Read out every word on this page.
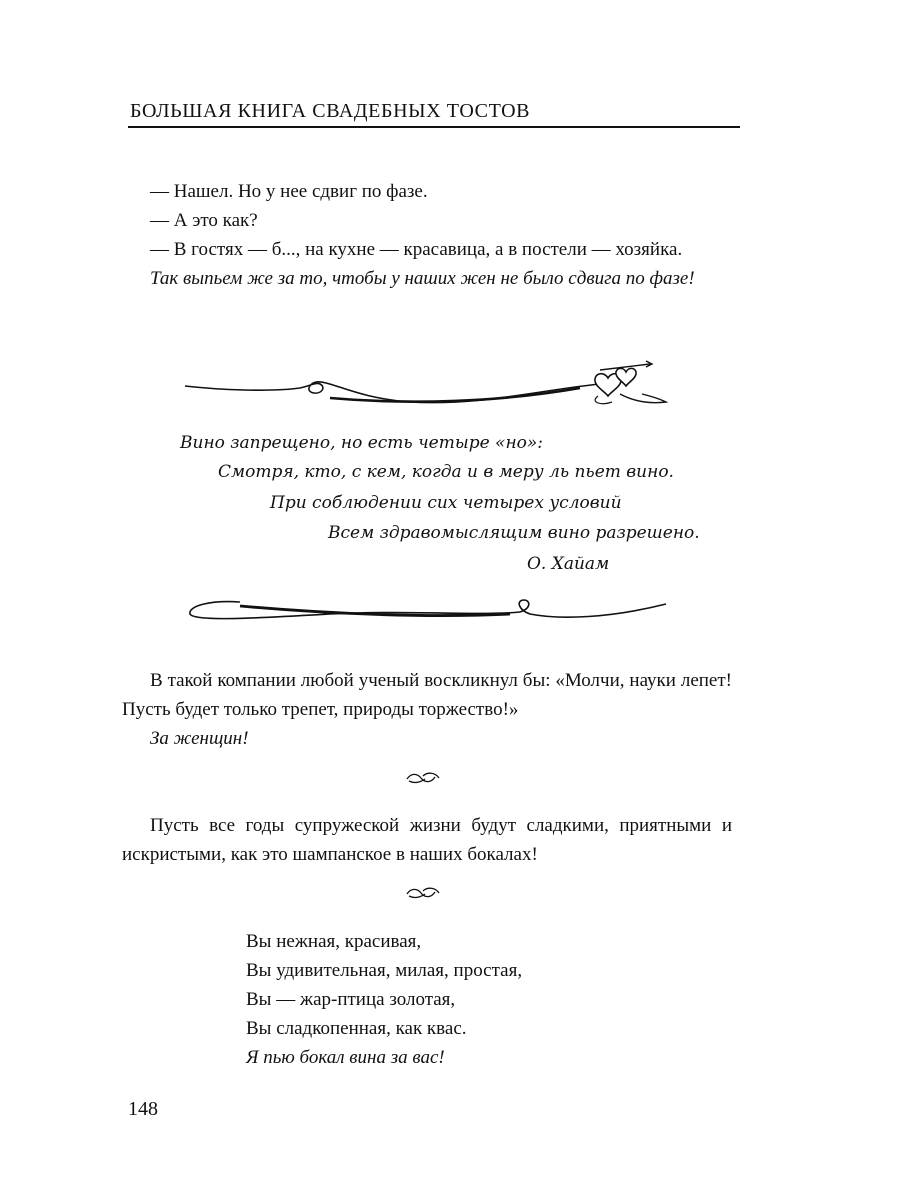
БОЛЬШАЯ КНИГА СВАДЕБНЫХ ТОСТОВ

— Нашел. Но у нее сдвиг по фазе.

— А это как?

— В гостях — б..., на кухне — красавица, а в постели — хозяйка.

Так выпьем же за то, чтобы у наших жен не было сдвига по фазе!

Вино запрещено, но есть четыре «но»:
Смотря, кто, с кем, когда и в меру ль пьет вино.
При соблюдении сих четырех условий
Всем здравомыслящим вино разрешено.
О. Хайам

В такой компании любой ученый воскликнул бы: «Молчи, науки лепет! Пусть будет только трепет, природы торжество!»

За женщин!

Пусть все годы супружеской жизни будут сладкими, приятными и искристыми, как это шампанское в наших бокалах!

Вы нежная, красивая,
Вы удивительная, милая, простая,
Вы — жар-птица золотая,
Вы сладкопенная, как квас.
Я пью бокал вина за вас!
148
